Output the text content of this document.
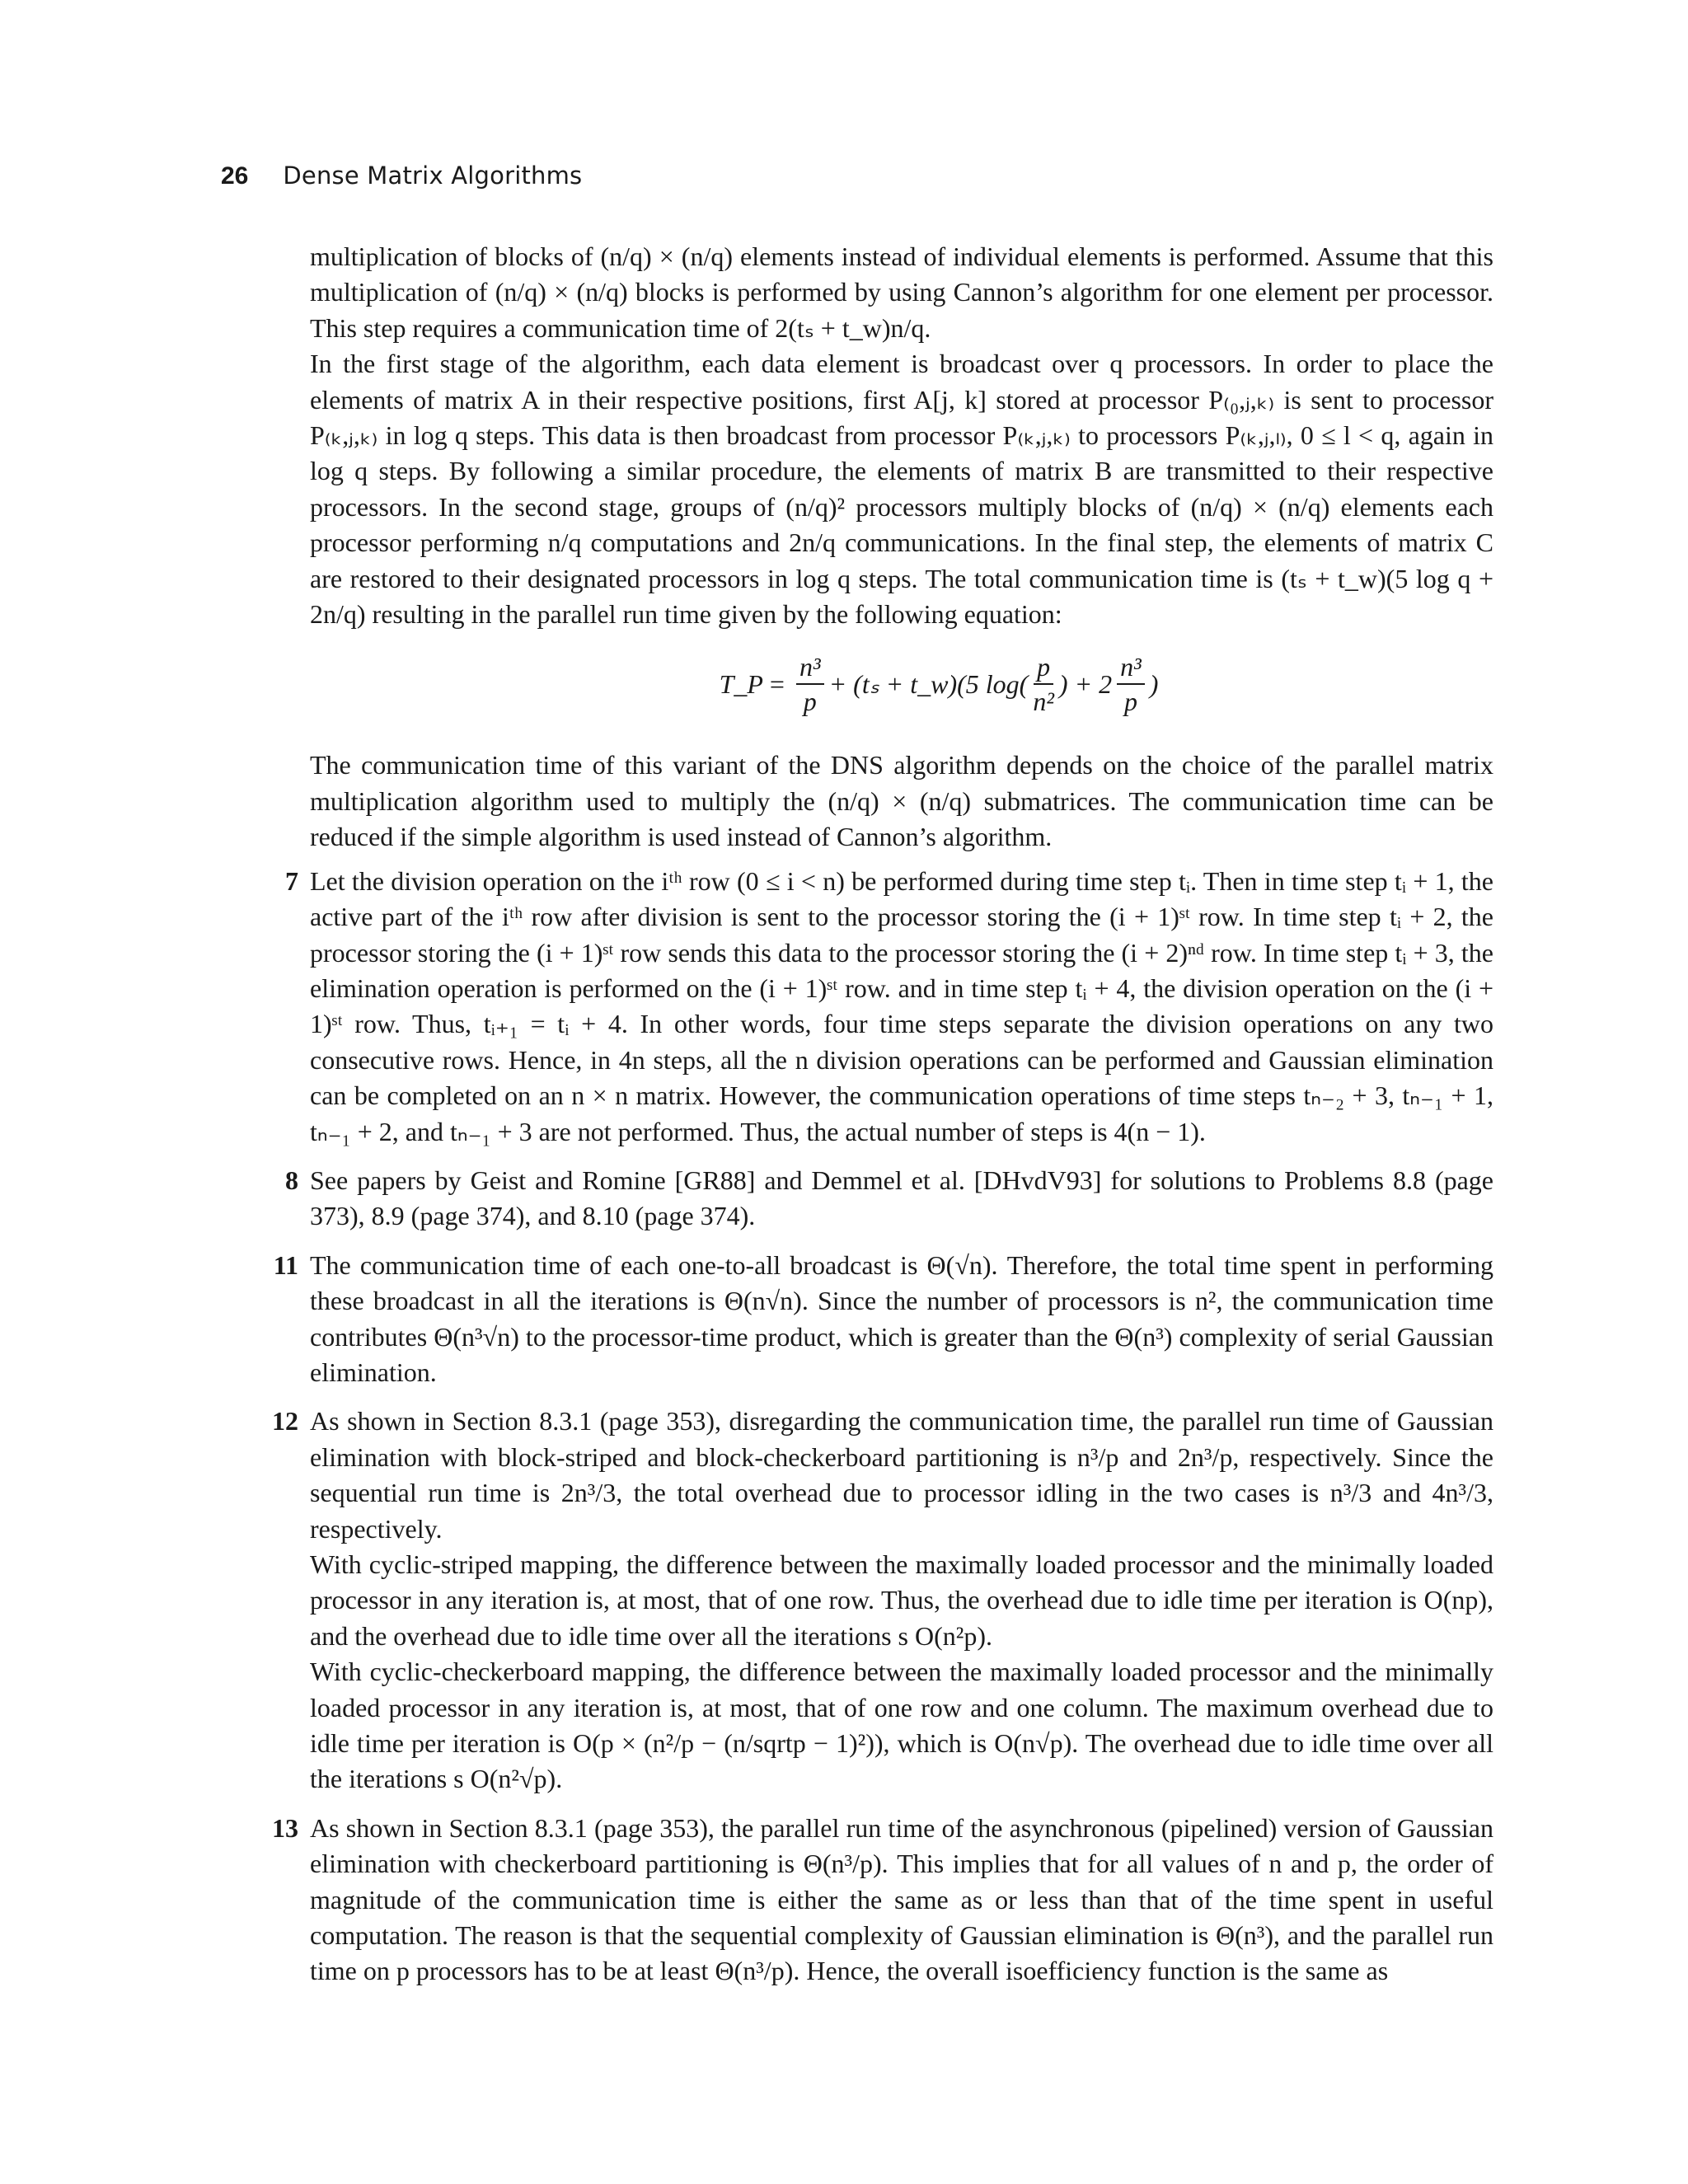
26 Dense Matrix Algorithms

multiplication of blocks of (n/q) × (n/q) elements instead of individual elements is performed. Assume that this multiplication of (n/q) × (n/q) blocks is performed by using Cannon’s algorithm for one element per processor. This step requires a communication time of 2(tₛ + t_w)n/q.

In the first stage of the algorithm, each data element is broadcast over q processors. In order to place the elements of matrix A in their respective positions, first A[j, k] stored at processor P₍₀,ⱼ,ₖ₎ is sent to processor P₍ₖ,ⱼ,ₖ₎ in log q steps. This data is then broadcast from processor P₍ₖ,ⱼ,ₖ₎ to processors P₍ₖ,ⱼ,ₗ₎, 0 ≤ l < q, again in log q steps. By following a similar procedure, the elements of matrix B are transmitted to their respective processors. In the second stage, groups of (n/q)² processors multiply blocks of (n/q) × (n/q) elements each processor performing n/q computations and 2n/q communications. In the final step, the elements of matrix C are restored to their designated processors in log q steps. The total communication time is (tₛ + t_w)(5 log q + 2n/q) resulting in the parallel run time given by the following equation:

T_P = $\frac{\text{n³}}{p} + (t_s$ + t_w)(5 $\log( \frac{p}{\text{n²}}$ ) + $2 \frac{\text{n³}}{p}$ )

The communication time of this variant of the DNS algorithm depends on the choice of the parallel matrix multiplication algorithm used to multiply the (n/q) × (n/q) submatrices. The communication time can be reduced if the simple algorithm is used instead of Cannon’s algorithm.

7 Let the division operation on the iᵗʰ row (0 ≤ i < n) be performed during time step tᵢ. Then in time step tᵢ + 1, the active part of the iᵗʰ row after division is sent to the processor storing the (i + 1)ˢᵗ row. In time step tᵢ + 2, the processor storing the (i + 1)ˢᵗ row sends this data to the processor storing the (i + 2)ⁿᵈ row. In time step tᵢ + 3, the elimination operation is performed on the (i + 1)ˢᵗ row. and in time step tᵢ + 4, the division operation on the (i + 1)ˢᵗ row. Thus, tᵢ₊₁ = tᵢ + 4. In other words, four time steps separate the division operations on any two consecutive rows. Hence, in 4n steps, all the n division operations can be performed and Gaussian elimination can be completed on an n × n matrix. However, the communication operations of time steps tₙ₋₂ + 3, tₙ₋₁ + 1, tₙ₋₁ + 2, and tₙ₋₁ + 3 are not performed. Thus, the actual number of steps is 4(n − 1).

8 See papers by Geist and Romine [GR88] and Demmel et al. [DHvdV93] for solutions to Problems 8.8 (page 373), 8.9 (page 374), and 8.10 (page 374).

11 The communication time of each one-to-all broadcast is Θ(√n). Therefore, the total time spent in performing these broadcast in all the iterations is Θ(n√n). Since the number of processors is n², the communication time contributes Θ(n³√n) to the processor-time product, which is greater than the Θ(n³) complexity of serial Gaussian elimination.

12 As shown in Section 8.3.1 (page 353), disregarding the communication time, the parallel run time of Gaussian elimination with block-striped and block-checkerboard partitioning is n³/p and 2n³/p, respectively. Since the sequential run time is 2n³/3, the total overhead due to processor idling in the two cases is n³/3 and 4n³/3, respectively.

With cyclic-striped mapping, the difference between the maximally loaded processor and the minimally loaded processor in any iteration is, at most, that of one row. Thus, the overhead due to idle time per iteration is O(np), and the overhead due to idle time over all the iterations s O(n²p).

With cyclic-checkerboard mapping, the difference between the maximally loaded processor and the minimally loaded processor in any iteration is, at most, that of one row and one column. The maximum overhead due to idle time per iteration is O(p × (n²/p − (n/sqrtp − 1)²)), which is O(n√p). The overhead due to idle time over all the iterations s O(n²√p).

13 As shown in Section 8.3.1 (page 353), the parallel run time of the asynchronous (pipelined) version of Gaussian elimination with checkerboard partitioning is Θ(n³/p). This implies that for all values of n and p, the order of magnitude of the communication time is either the same as or less than that of the time spent in useful computation. The reason is that the sequential complexity of Gaussian elimination is Θ(n³), and the parallel run time on p processors has to be at least Θ(n³/p). Hence, the overall isoefficiency function is the same as
